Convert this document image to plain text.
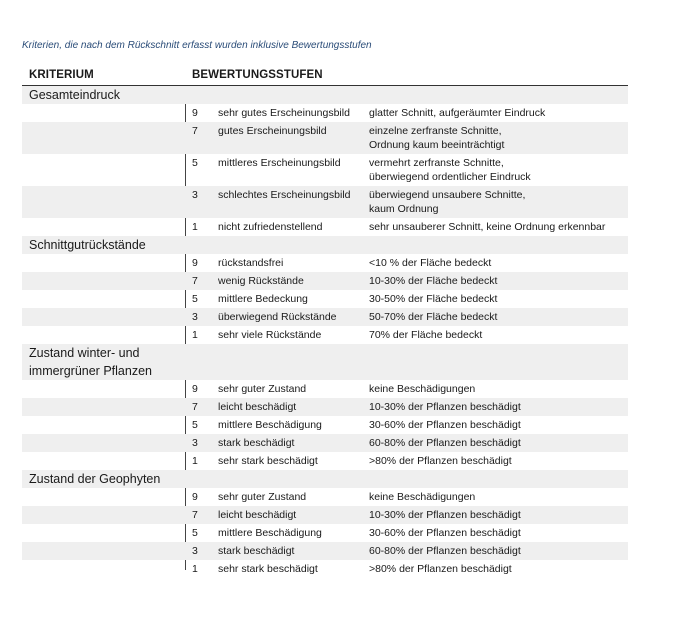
Kriterien, die nach dem Rückschnitt erfasst wurden inklusive Bewertungsstufen
KRITERIUM	BEWERTUNGSSTUFEN
Gesamteindruck
9	sehr gutes Erscheinungsbild	glatter Schnitt, aufgeräumter Eindruck
7	gutes Erscheinungsbild	einzelne zerfranste Schnitte,
Ordnung kaum beeinträchtigt
5	mittleres Erscheinungsbild	vermehrt zerfranste Schnitte,
überwiegend ordentlicher Eindruck
3	schlechtes Erscheinungsbild	überwiegend unsaubere Schnitte,
kaum Ordnung
1	nicht zufriedenstellend	sehr unsauberer Schnitt, keine Ordnung erkennbar
Schnittgutrückstände
9	rückstandsfrei	<10 % der Fläche bedeckt
7	wenig Rückstände	10-30% der Fläche bedeckt
5	mittlere Bedeckung	30-50% der Fläche bedeckt
3	überwiegend Rückstände	50-70% der Fläche bedeckt
1	sehr viele Rückstände	70% der Fläche bedeckt
Zustand winter- und
immergrüner Pflanzen
9	sehr guter Zustand	keine Beschädigungen
7	leicht beschädigt	10-30% der Pflanzen beschädigt
5	mittlere Beschädigung	30-60% der Pflanzen beschädigt
3	stark beschädigt	60-80% der Pflanzen beschädigt
1	sehr stark beschädigt	>80% der Pflanzen beschädigt
Zustand der Geophyten
9	sehr guter Zustand	keine Beschädigungen
7	leicht beschädigt	10-30% der Pflanzen beschädigt
5	mittlere Beschädigung	30-60% der Pflanzen beschädigt
3	stark beschädigt	60-80% der Pflanzen beschädigt
1	sehr stark beschädigt	>80% der Pflanzen beschädigt
